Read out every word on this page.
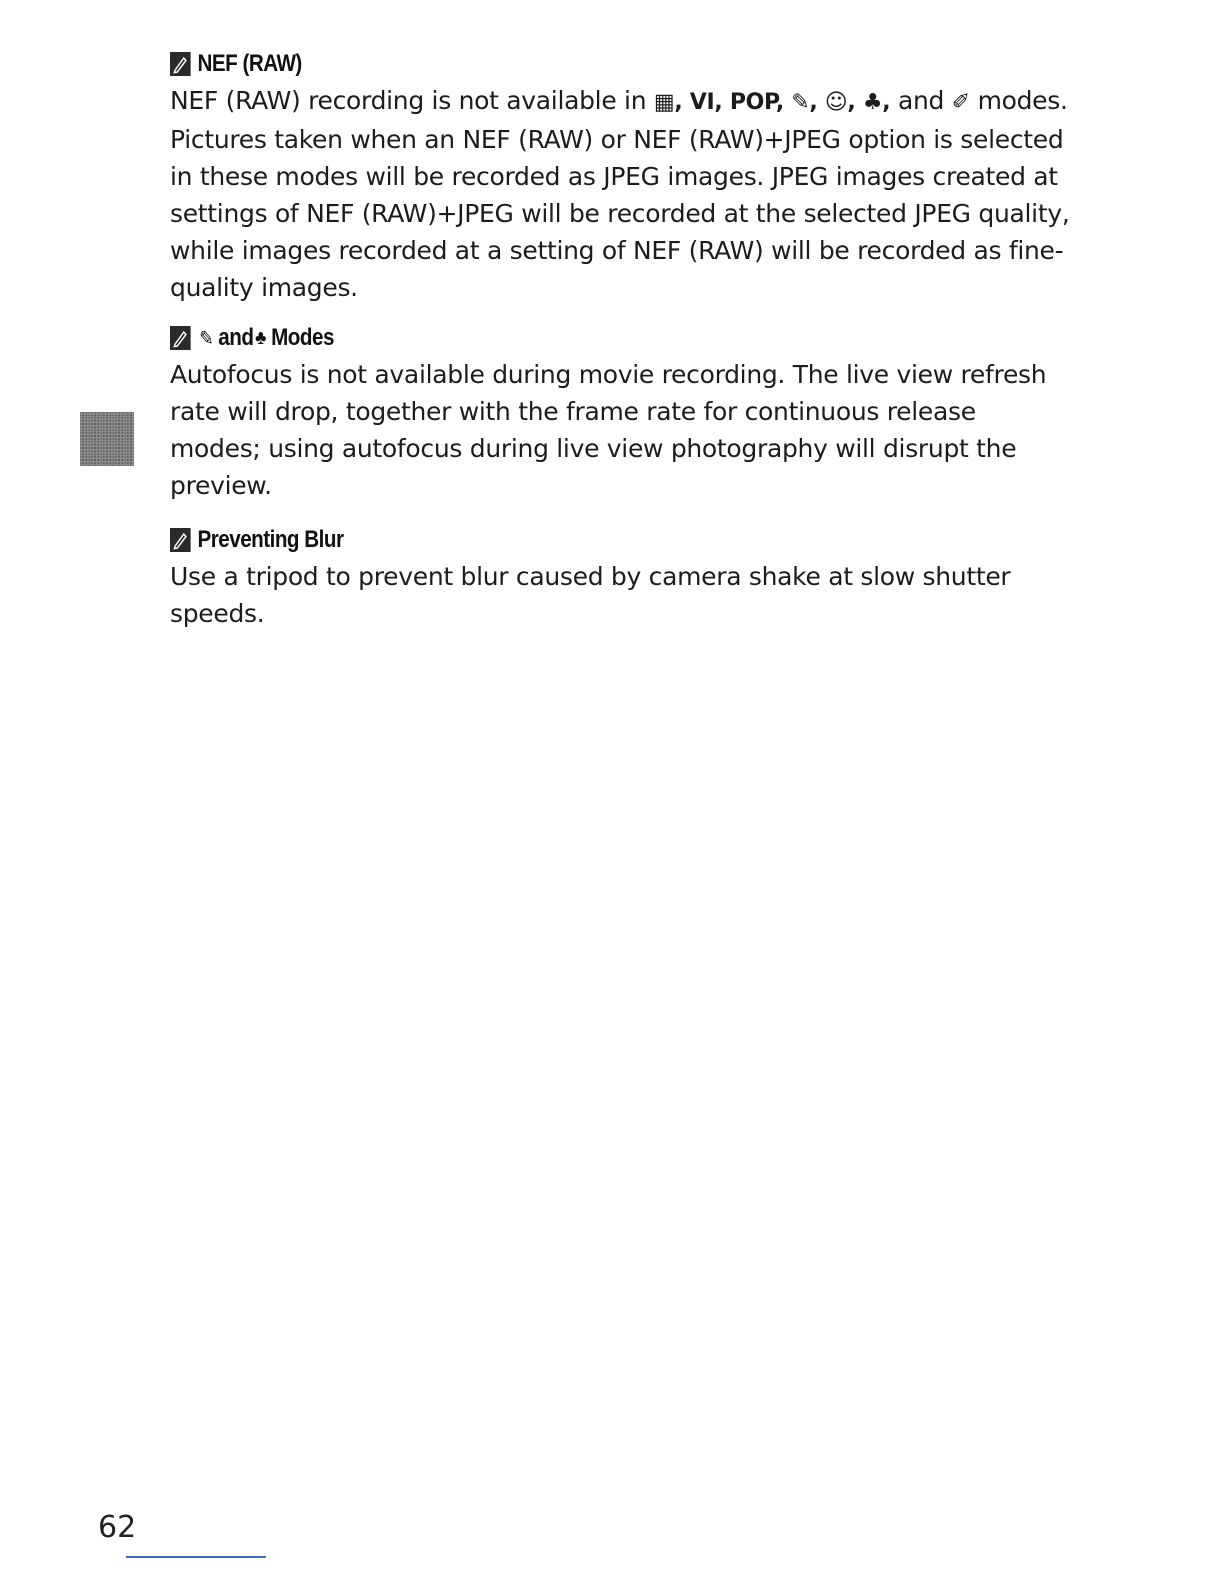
NEF (RAW)

NEF (RAW) recording is not available in ▦, VI, POP, ✎, ☺, ♣, and ✐ modes. Pictures taken when an NEF (RAW) or NEF (RAW)+JPEG option is selected in these modes will be recorded as JPEG images. JPEG images created at settings of NEF (RAW)+JPEG will be recorded at the selected JPEG quality, while images recorded at a setting of NEF (RAW) will be recorded as fine-quality images.

✎ and ♣ Modes

Autofocus is not available during movie recording. The live view refresh rate will drop, together with the frame rate for continuous release modes; using autofocus during live view photography will disrupt the preview.

Preventing Blur

Use a tripod to prevent blur caused by camera shake at slow shutter speeds.

62
